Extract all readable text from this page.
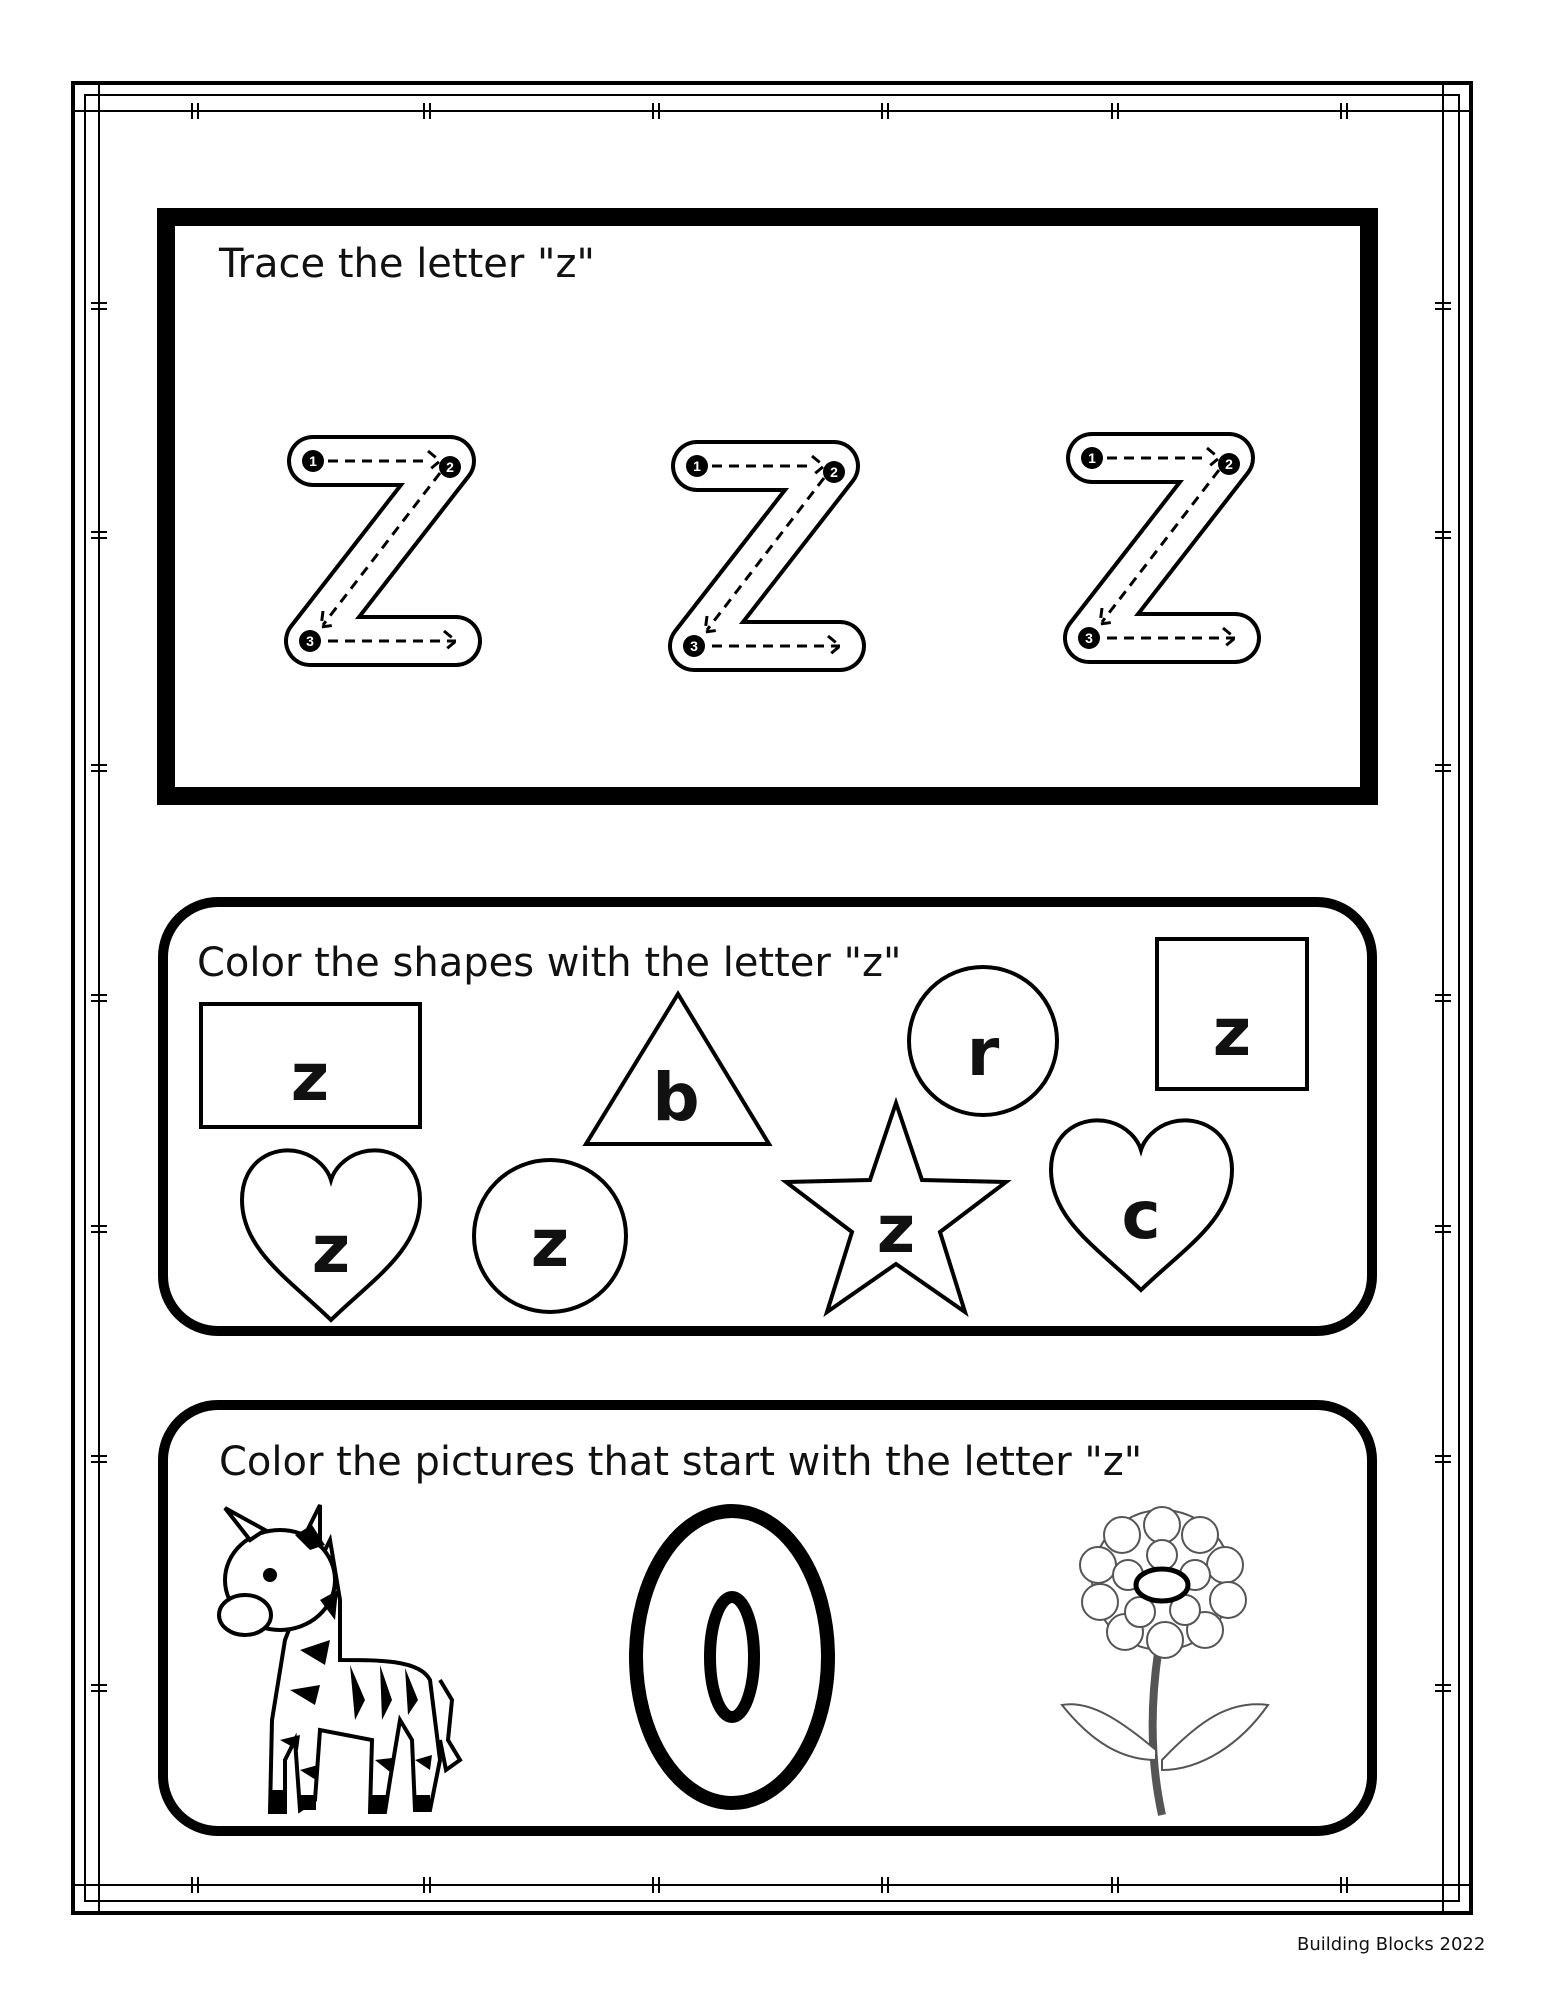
Trace the letter "z"
1	2
3
1	2
3
1	2
3
Color the shapes with the letter "z"
z	b
r	z
z	z	z	c
Color the pictures that start with the letter "z"
Building Blocks 2022
